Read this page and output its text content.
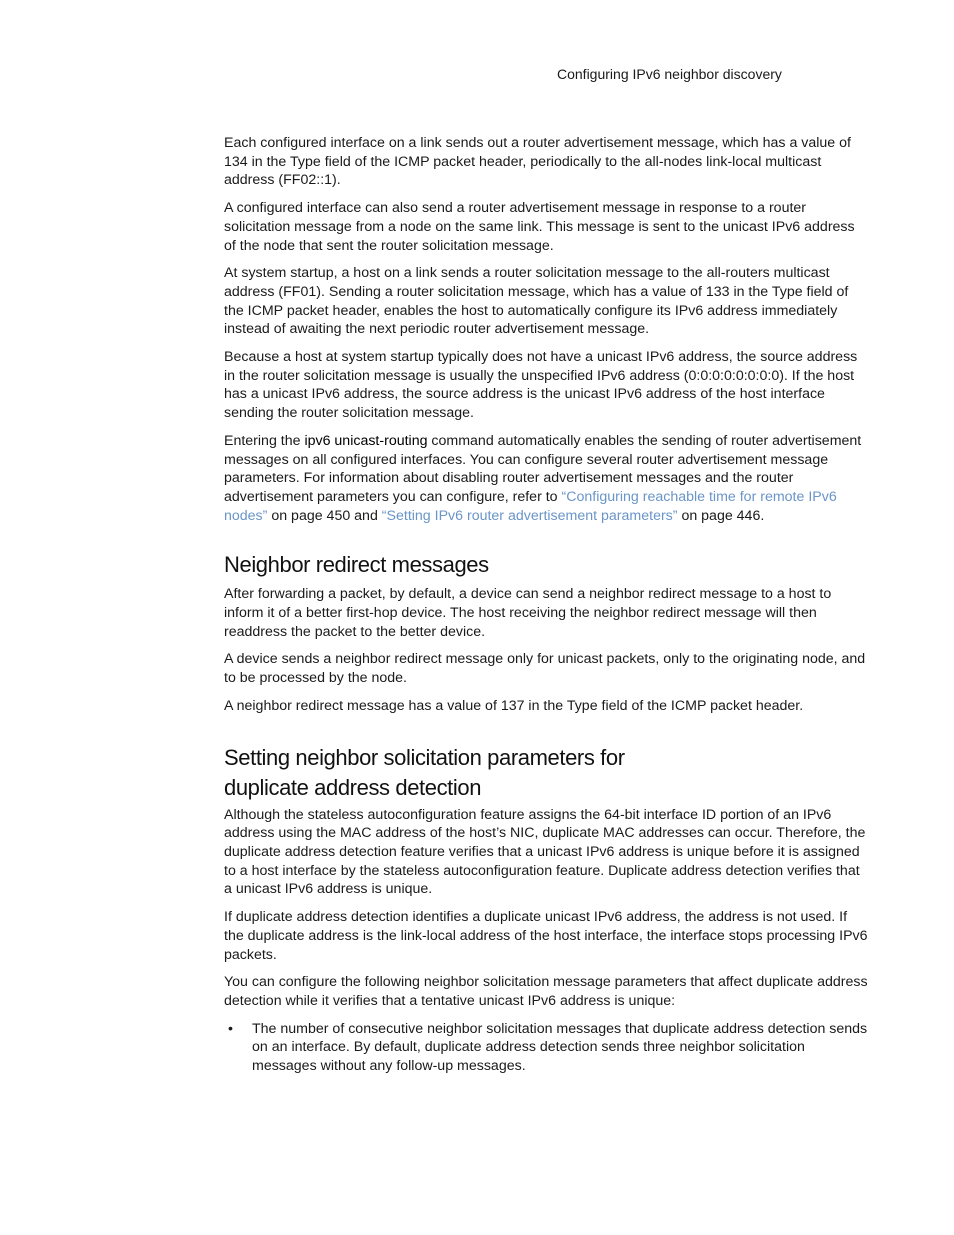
Configuring IPv6 neighbor discovery

Each configured interface on a link sends out a router advertisement message, which has a value of 134 in the Type field of the ICMP packet header, periodically to the all-nodes link-local multicast address (FF02::1).

A configured interface can also send a router advertisement message in response to a router solicitation message from a node on the same link. This message is sent to the unicast IPv6 address of the node that sent the router solicitation message.

At system startup, a host on a link sends a router solicitation message to the all-routers multicast address (FF01). Sending a router solicitation message, which has a value of 133 in the Type field of the ICMP packet header, enables the host to automatically configure its IPv6 address immediately instead of awaiting the next periodic router advertisement message.

Because a host at system startup typically does not have a unicast IPv6 address, the source address in the router solicitation message is usually the unspecified IPv6 address (0:0:0:0:0:0:0:0). If the host has a unicast IPv6 address, the source address is the unicast IPv6 address of the host interface sending the router solicitation message.

Entering the ipv6 unicast-routing command automatically enables the sending of router advertisement messages on all configured interfaces. You can configure several router advertisement message parameters. For information about disabling router advertisement messages and the router advertisement parameters you can configure, refer to “Configuring reachable time for remote IPv6 nodes” on page 450 and “Setting IPv6 router advertisement parameters” on page 446.

Neighbor redirect messages

After forwarding a packet, by default, a device can send a neighbor redirect message to a host to inform it of a better first-hop device. The host receiving the neighbor redirect message will then readdress the packet to the better device.

A device sends a neighbor redirect message only for unicast packets, only to the originating node, and to be processed by the node.

A neighbor redirect message has a value of 137 in the Type field of the ICMP packet header.

Setting neighbor solicitation parameters for
duplicate address detection

Although the stateless autoconfiguration feature assigns the 64-bit interface ID portion of an IPv6 address using the MAC address of the host’s NIC, duplicate MAC addresses can occur. Therefore, the duplicate address detection feature verifies that a unicast IPv6 address is unique before it is assigned to a host interface by the stateless autoconfiguration feature. Duplicate address detection verifies that a unicast IPv6 address is unique.

If duplicate address detection identifies a duplicate unicast IPv6 address, the address is not used. If the duplicate address is the link-local address of the host interface, the interface stops processing IPv6 packets.

You can configure the following neighbor solicitation message parameters that affect duplicate address detection while it verifies that a tentative unicast IPv6 address is unique:

• The number of consecutive neighbor solicitation messages that duplicate address detection sends on an interface. By default, duplicate address detection sends three neighbor solicitation messages without any follow-up messages.
